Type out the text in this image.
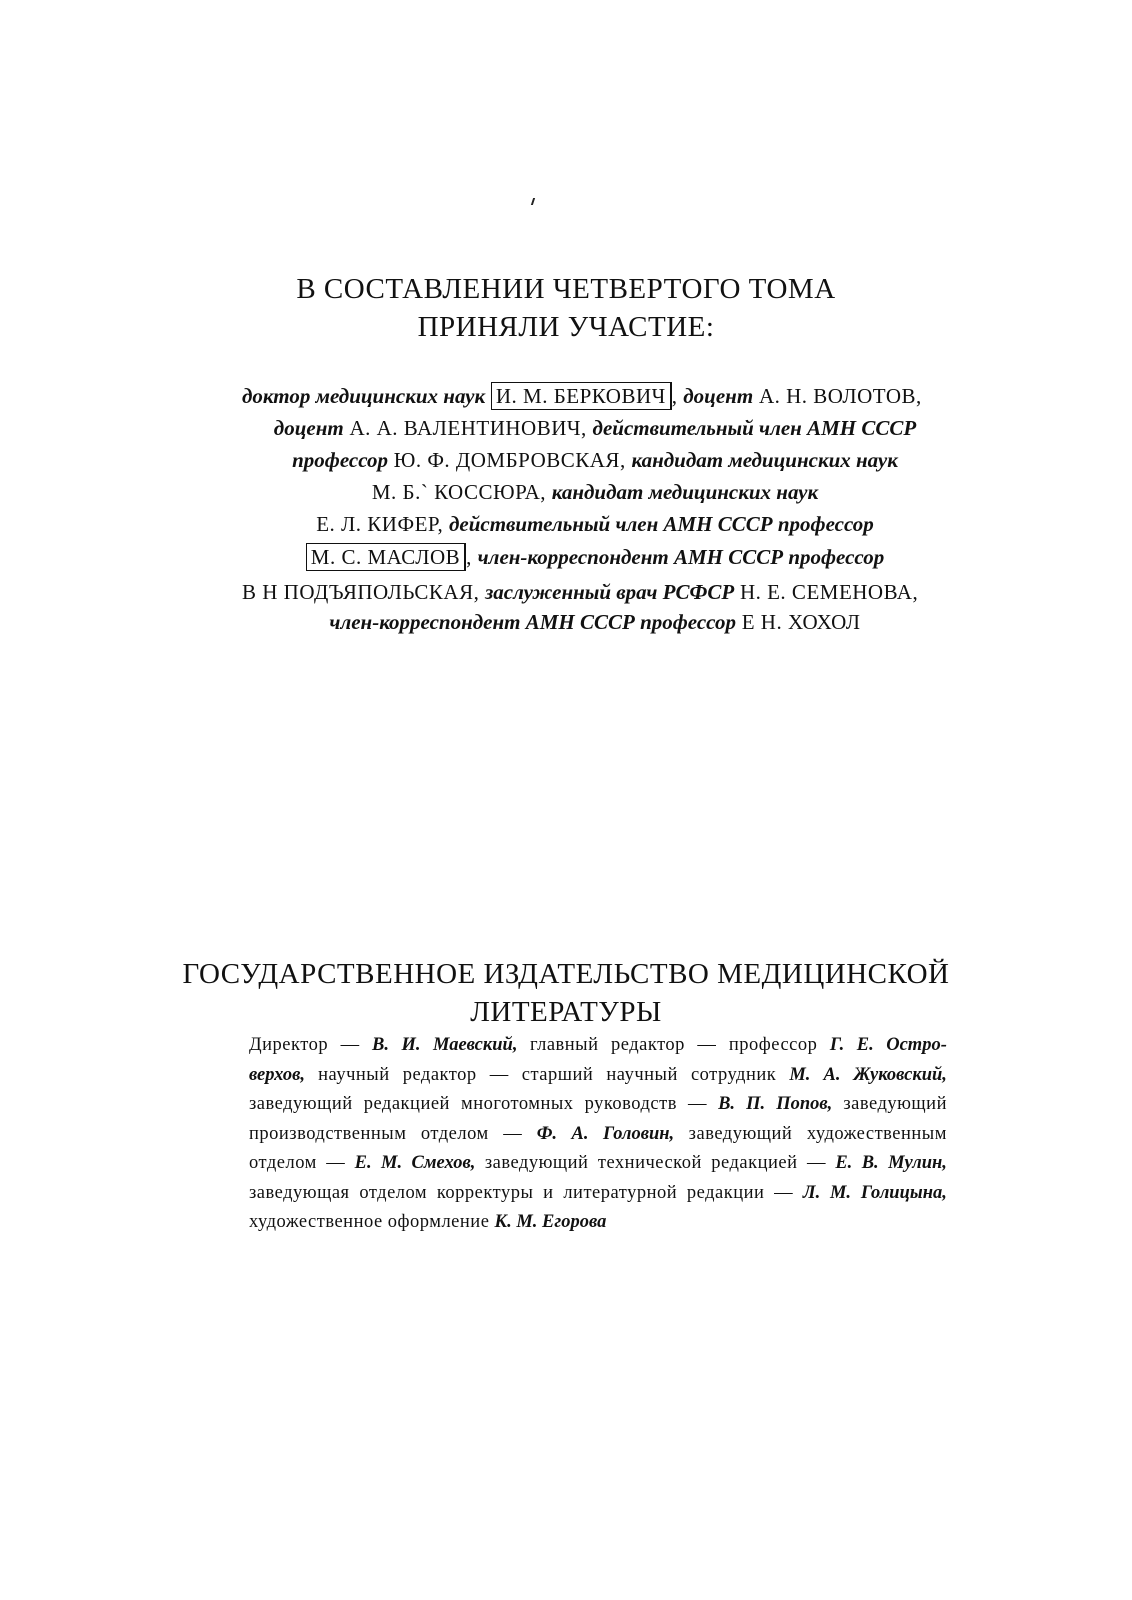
В СОСТАВЛЕНИИ ЧЕТВЕРТОГО ТОМА
ПРИНЯЛИ УЧАСТИЕ:
доктор медицинских наук И. М. БЕРКОВИЧ , доцент А. Н. ВОЛОТОВ,
доцент А. А. ВАЛЕНТИНОВИЧ, действительный член АМН СССР
профессор Ю. Ф. ДОМБРОВСКАЯ, кандидат медицинских наук
М. Б.ˋ КОССЮРА, кандидат медицинских наук
Е. Л. КИФЕР, действительный член АМН СССР профессор
М. С. МАСЛОВ , член-корреспондент АМН СССР профессор
В Н ПОДЪЯПОЛЬСКАЯ, заслуженный врач РСФСР Н. Е. СЕМЕНОВА,
член-корреспондент АМН СССР профессор Е Н. ХОХОЛ
ГОСУДАРСТВЕННОЕ ИЗДАТЕЛЬСТВО МЕДИЦИНСКОЙ
ЛИТЕРАТУРЫ
Директор — В. И. Маевский, главный редактор — профессор Г. Е. Остро-
верхов, научный редактор — старший научный сотрудник М. А. Жуковский,
заведующий редакцией многотомных руководств — В. П. Попов, заведующий
производственным отделом — Ф. А. Головин, заведующий художественным
отделом — Е. М. Смехов, заведующий технической редакцией — Е. В. Мулин,
заведующая отделом корректуры и литературной редакции — Л. М. Голицына,
художественное оформление К. М. Егорова
